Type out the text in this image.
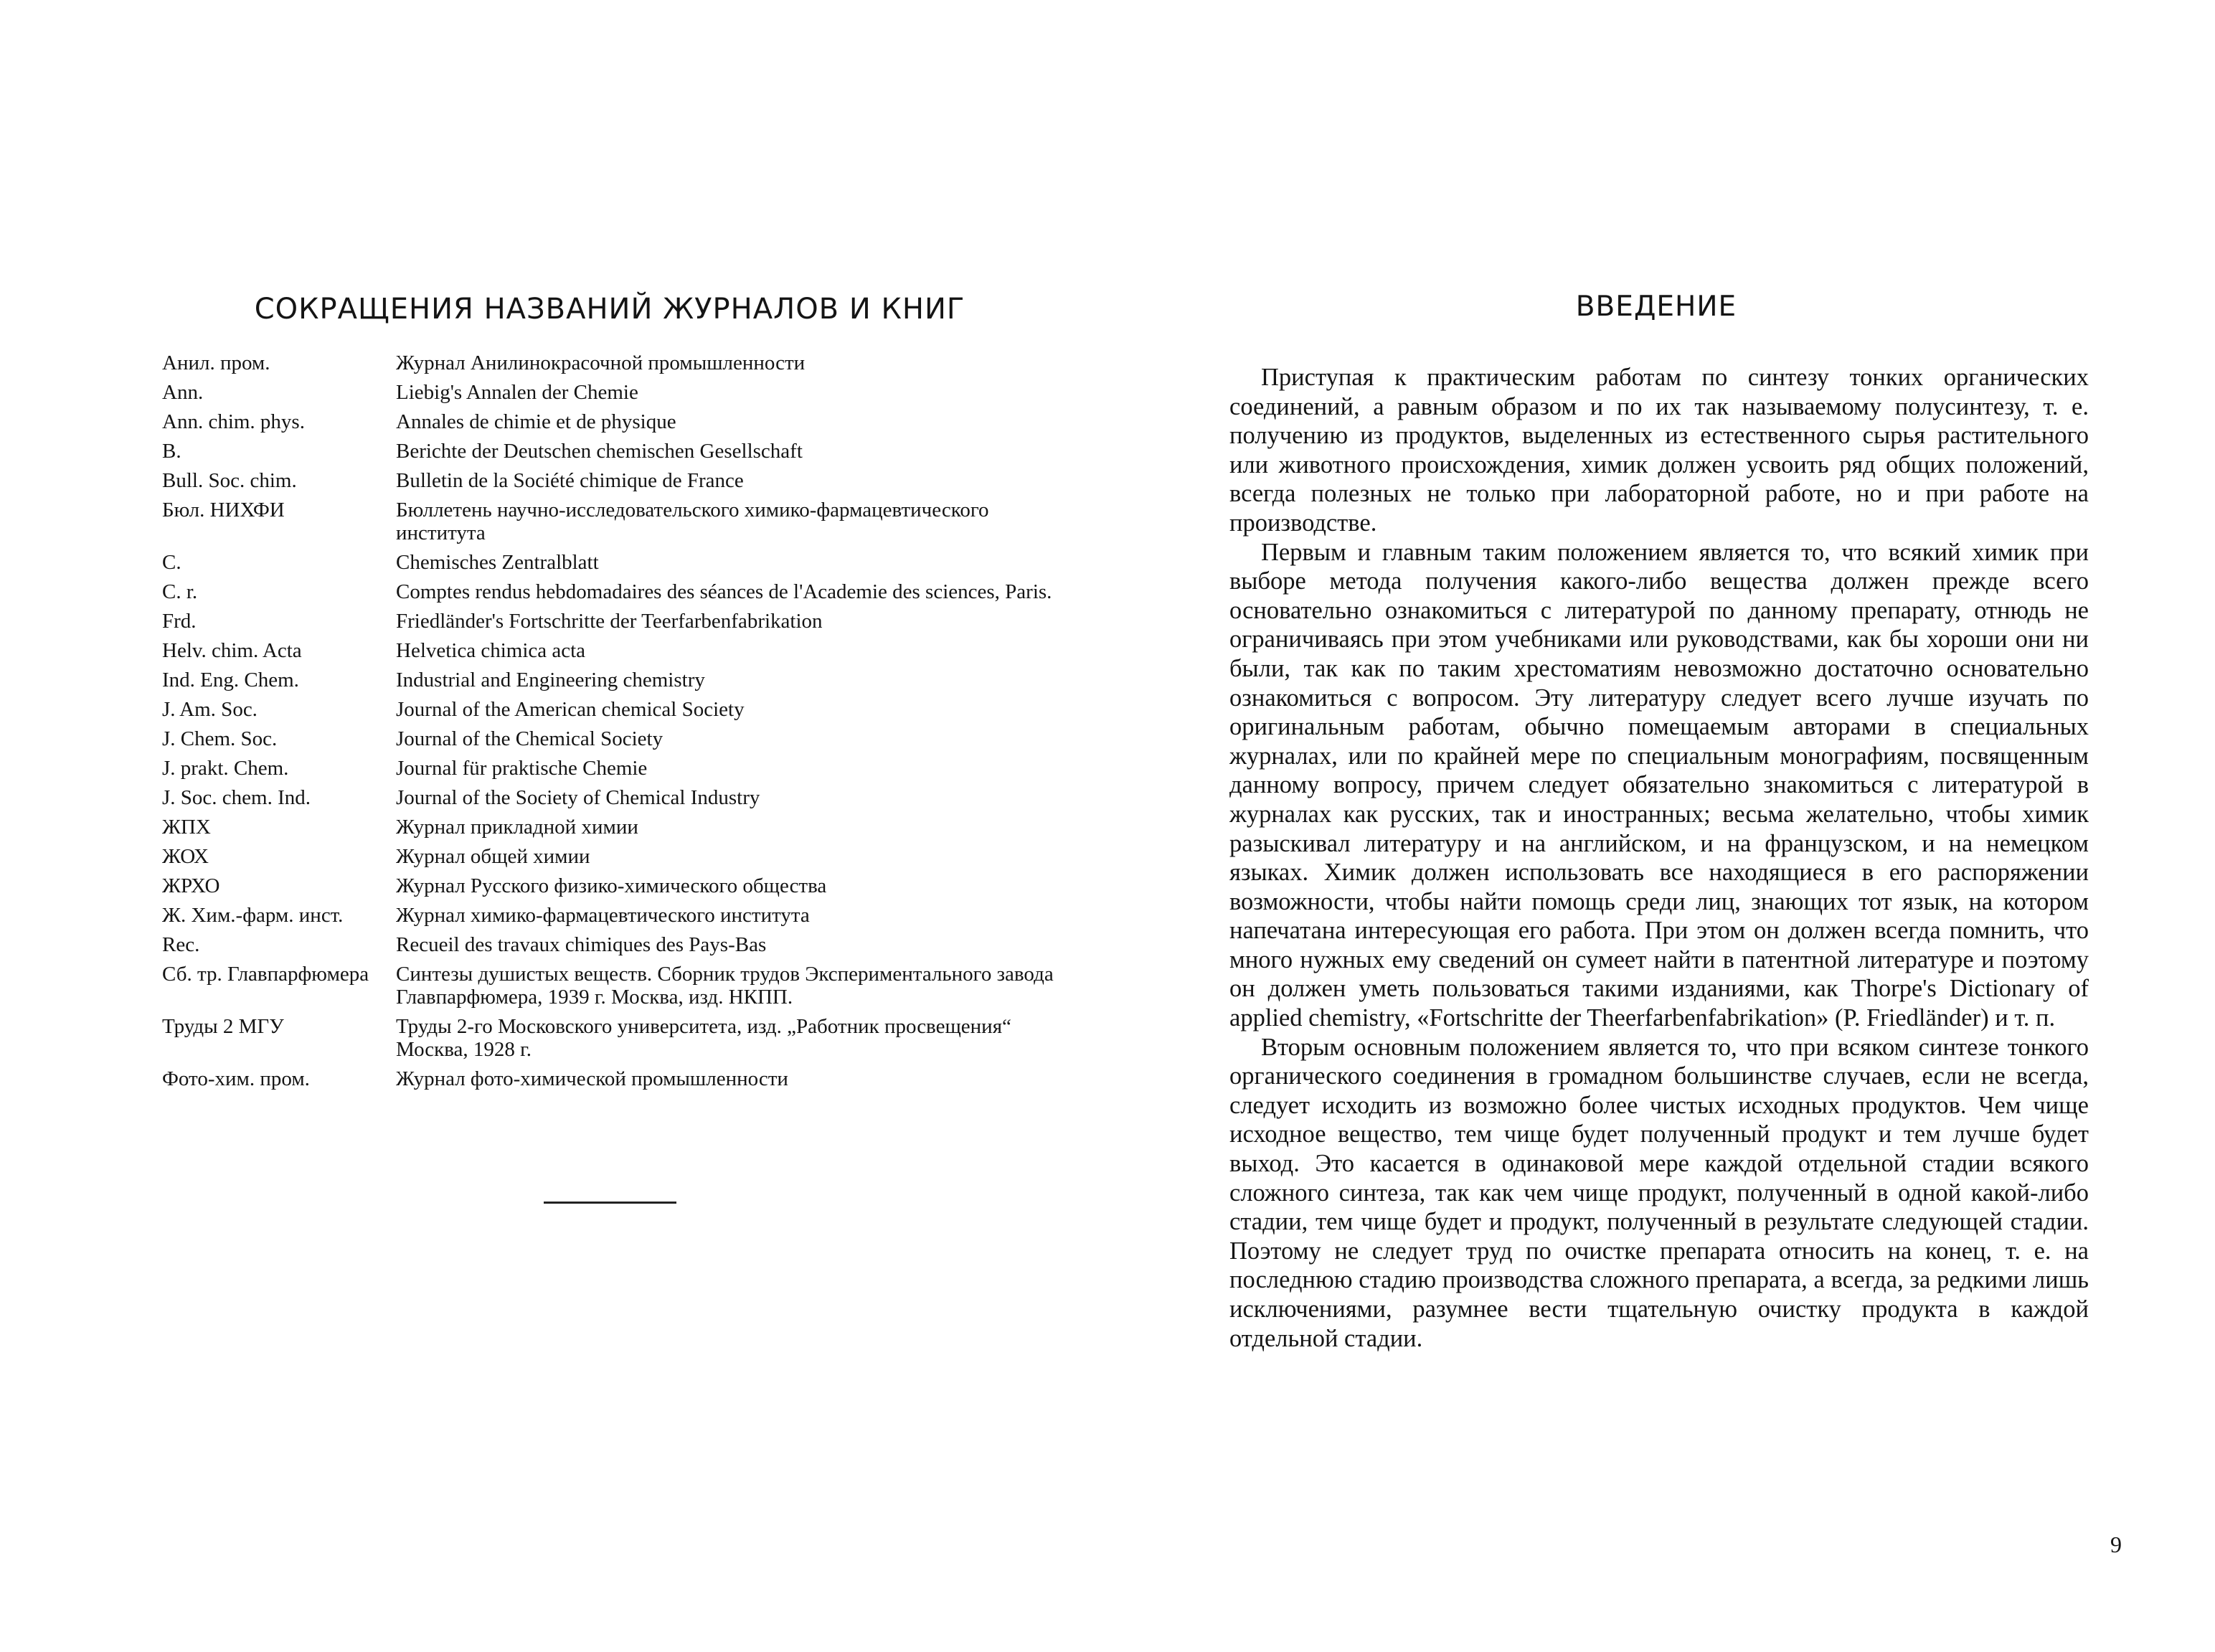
СОКРАЩЕНИЯ НАЗВАНИЙ ЖУРНАЛОВ И КНИГ
Анил. пром.	Журнал Анилинокрасочной промышленности
Ann.	Liebig's Annalen der Chemie
Ann. chim. phys.	Annales de chimie et de physique
B.	Berichte der Deutschen chemischen Gesellschaft
Bull. Soc. chim.	Bulletin de la Société chimique de France
Бюл. НИХФИ	Бюллетень научно-исследовательского химико-фармацевтического института
C.	Chemisches Zentralblatt
C. r.	Comptes rendus hebdomadaires des séances de l'Academie des sciences, Paris.
Frd.	Friedländer's Fortschritte der Teerfarbenfabrikation
Helv. chim. Acta	Helvetica chimica acta
Ind. Eng. Chem.	Industrial and Engineering chemistry
J. Am. Soc.	Journal of the American chemical Society
J. Chem. Soc.	Journal of the Chemical Society
J. prakt. Chem.	Journal für praktische Chemie
J. Soc. chem. Ind.	Journal of the Society of Chemical Industry
ЖПХ	Журнал прикладной химии
ЖОХ	Журнал общей химии
ЖРХО	Журнал Русского физико-химического общества
Ж. Хим.-фарм. инст.	Журнал химико-фармацевтического института
Rec.	Recueil des travaux chimiques des Pays-Bas
Сб. тр. Главпарфюмера	Синтезы душистых веществ. Сборник трудов Экспериментального завода Главпарфюмера, 1939 г. Москва, изд. НКПП.
Труды 2 МГУ	Труды 2-го Московского университета, изд. „Работник просвещения“ Москва, 1928 г.
Фото-хим. пром.	Журнал фото-химической промышленности
ВВЕДЕНИЕ

Приступая к практическим работам по синтезу тонких органических соединений, а равным образом и по их так называемому полусинтезу, т. е. получению из продуктов, выделенных из естественного сырья растительного или животного происхождения, химик должен усвоить ряд общих положений, всегда полезных не только при лабораторной работе, но и при работе на производстве.

Первым и главным таким положением является то, что всякий химик при выборе метода получения какого-либо вещества должен прежде всего основательно ознакомиться с литературой по данному препарату, отнюдь не ограничиваясь при этом учебниками или руководствами, как бы хороши они ни были, так как по таким хрестоматиям невозможно достаточно основательно ознакомиться с вопросом. Эту литературу следует всего лучше изучать по оригинальным работам, обычно помещаемым авторами в специальных журналах, или по крайней мере по специальным монографиям, посвященным данному вопросу, причем следует обязательно знакомиться с литературой в журналах как русских, так и иностранных; весьма желательно, чтобы химик разыскивал литературу и на английском, и на французском, и на немецком языках. Химик должен использовать все находящиеся в его распоряжении возможности, чтобы найти помощь среди лиц, знающих тот язык, на котором напечатана интересующая его работа. При этом он должен всегда помнить, что много нужных ему сведений он сумеет найти в патентной литературе и поэтому он должен уметь пользоваться такими изданиями, как Thorpe's Dictionary of applied chemistry, «Fortschritte der Theerfarbenfabrikation» (P. Friedländer) и т. п.

Вторым основным положением является то, что при всяком синтезе тонкого органического соединения в громадном большинстве случаев, если не всегда, следует исходить из возможно более чистых исходных продуктов. Чем чище исходное вещество, тем чище будет полученный продукт и тем лучше будет выход. Это касается в одинаковой мере каждой отдельной стадии всякого сложного синтеза, так как чем чище продукт, полученный в одной какой-либо стадии, тем чище будет и продукт, полученный в результате следующей стадии. Поэтому не следует труд по очистке препарата относить на конец, т. е. на последнюю стадию производства сложного препарата, а всегда, за редкими лишь исключениями, разумнее вести тщательную очистку продукта в каждой отдельной стадии.

9
